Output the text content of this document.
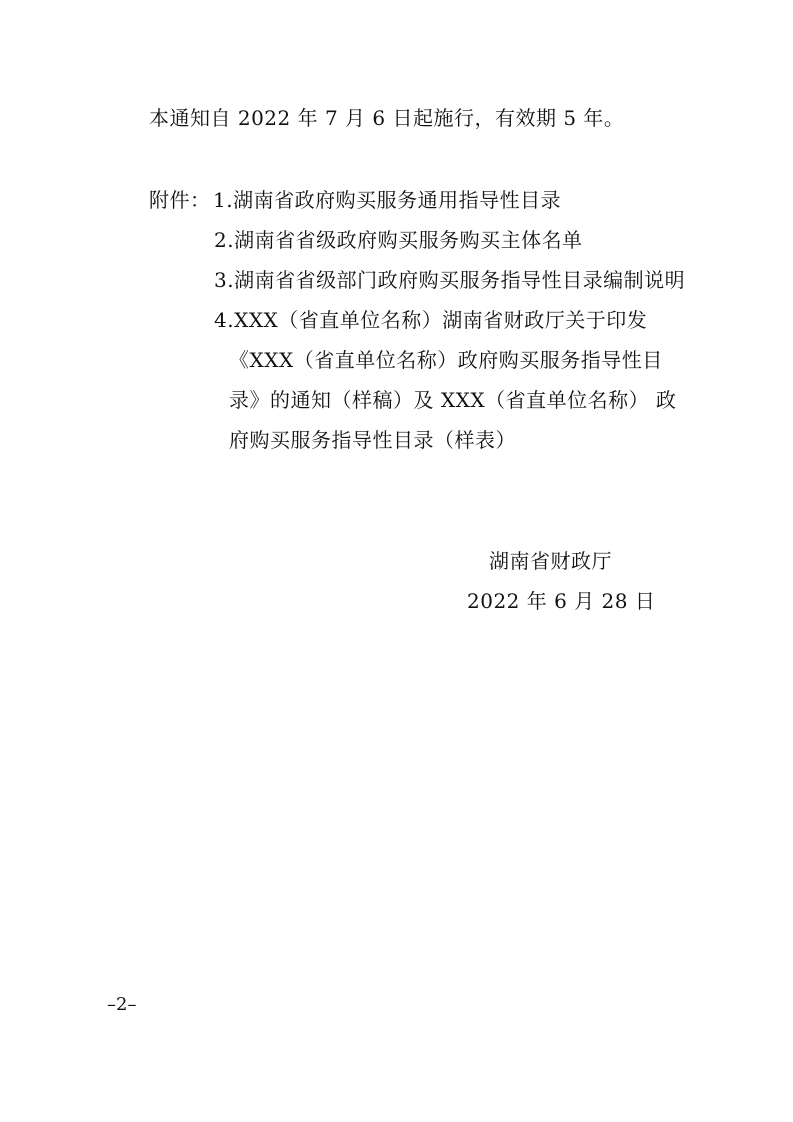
本通知自 2022 年 7 月 6 日起施行，有效期 5 年。
附件： 1.湖南省政府购买服务通用指导性目录
2.湖南省省级政府购买服务购买主体名单
3.湖南省省级部门政府购买服务指导性目录编制说明
4.XXX（省直单位名称）湖南省财政厅关于印发
《XXX（省直单位名称）政府购买服务指导性目
录》的通知（样稿）及 XXX（省直单位名称） 政
府购买服务指导性目录（样表）
湖南省财政厅
2022 年 6 月 28 日
–2–
